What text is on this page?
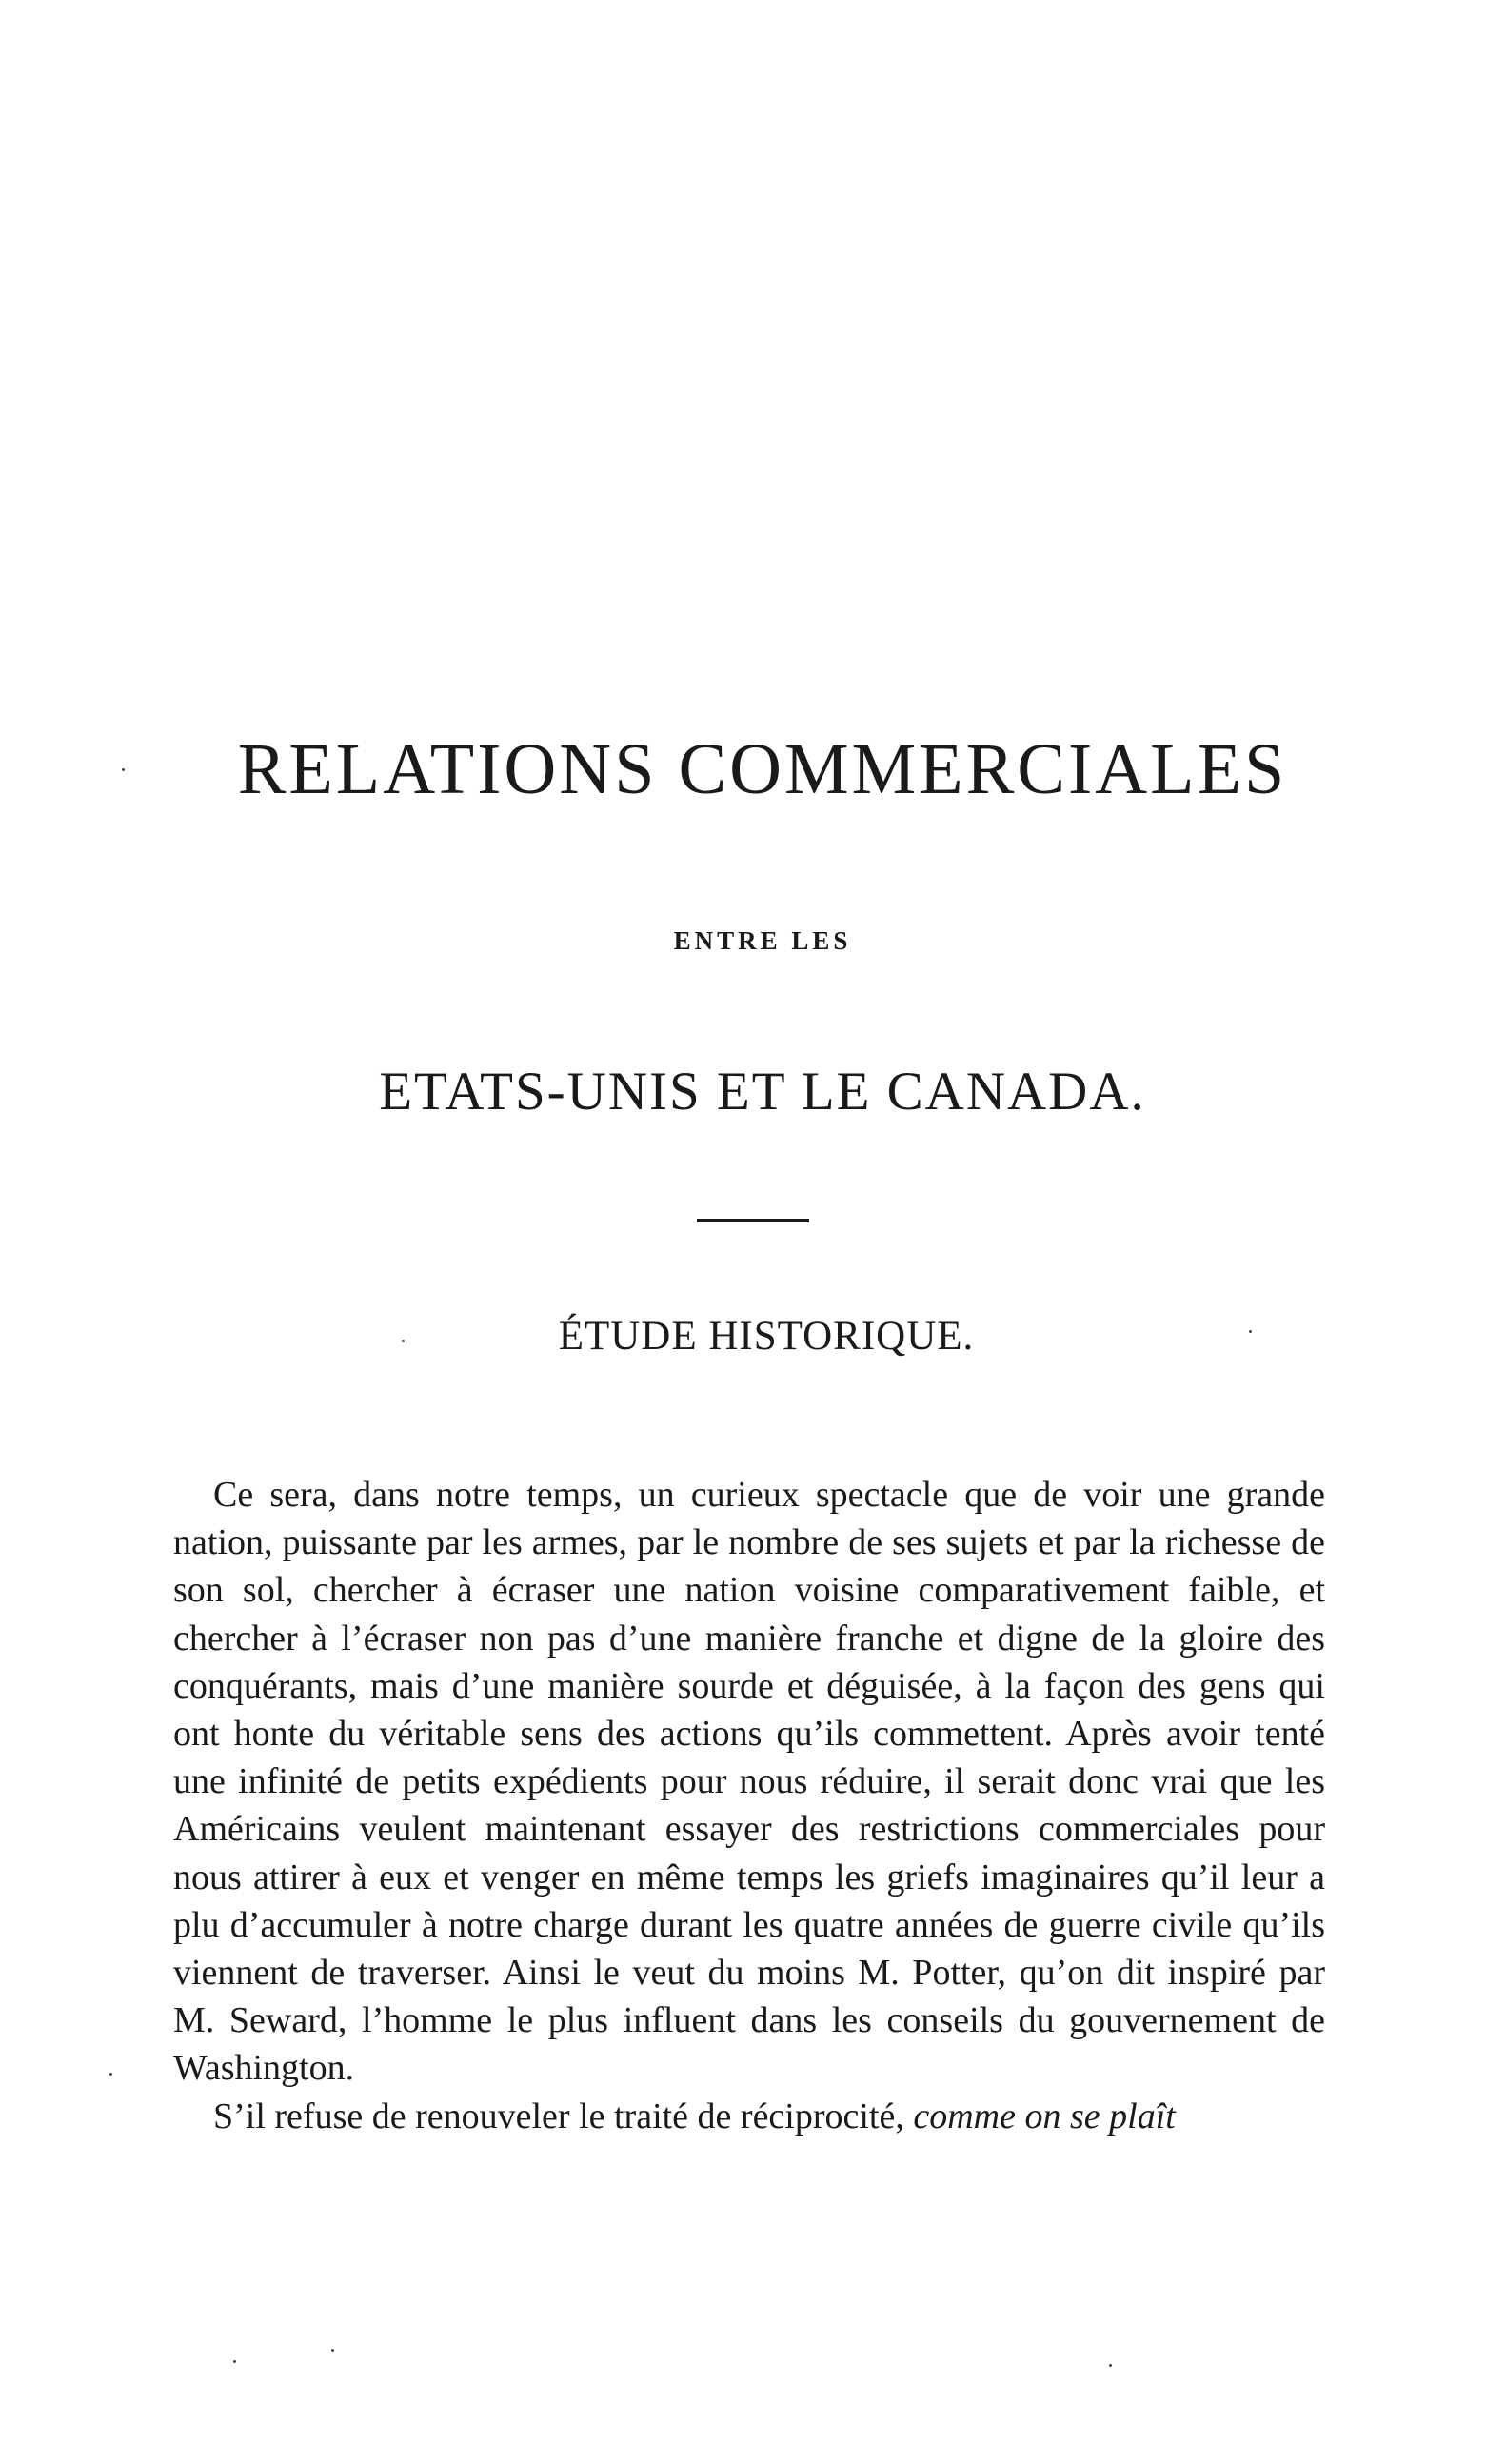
RELATIONS COMMERCIALES
ENTRE LES
ETATS-UNIS ET LE CANADA.
ÉTUDE HISTORIQUE.

Ce sera, dans notre temps, un curieux spectacle que de voir une grande nation, puissante par les armes, par le nombre de ses sujets et par la richesse de son sol, chercher à écraser une nation voisine comparativement faible, et chercher à l’écraser non pas d’une manière franche et digne de la gloire des conquérants, mais d’une manière sourde et déguisée, à la façon des gens qui ont honte du véritable sens des actions qu’ils commettent. Après avoir tenté une infinité de petits expédients pour nous réduire, il serait donc vrai que les Américains veulent maintenant essayer des restrictions commerciales pour nous attirer à eux et venger en même temps les griefs imaginaires qu’il leur a plu d’accumuler à notre charge durant les quatre années de guerre civile qu’ils viennent de traverser. Ainsi le veut du moins M. Potter, qu’on dit inspiré par M. Seward, l’homme le plus influent dans les conseils du gouvernement de Washington.

S’il refuse de renouveler le traité de réciprocité, comme on se plaît
